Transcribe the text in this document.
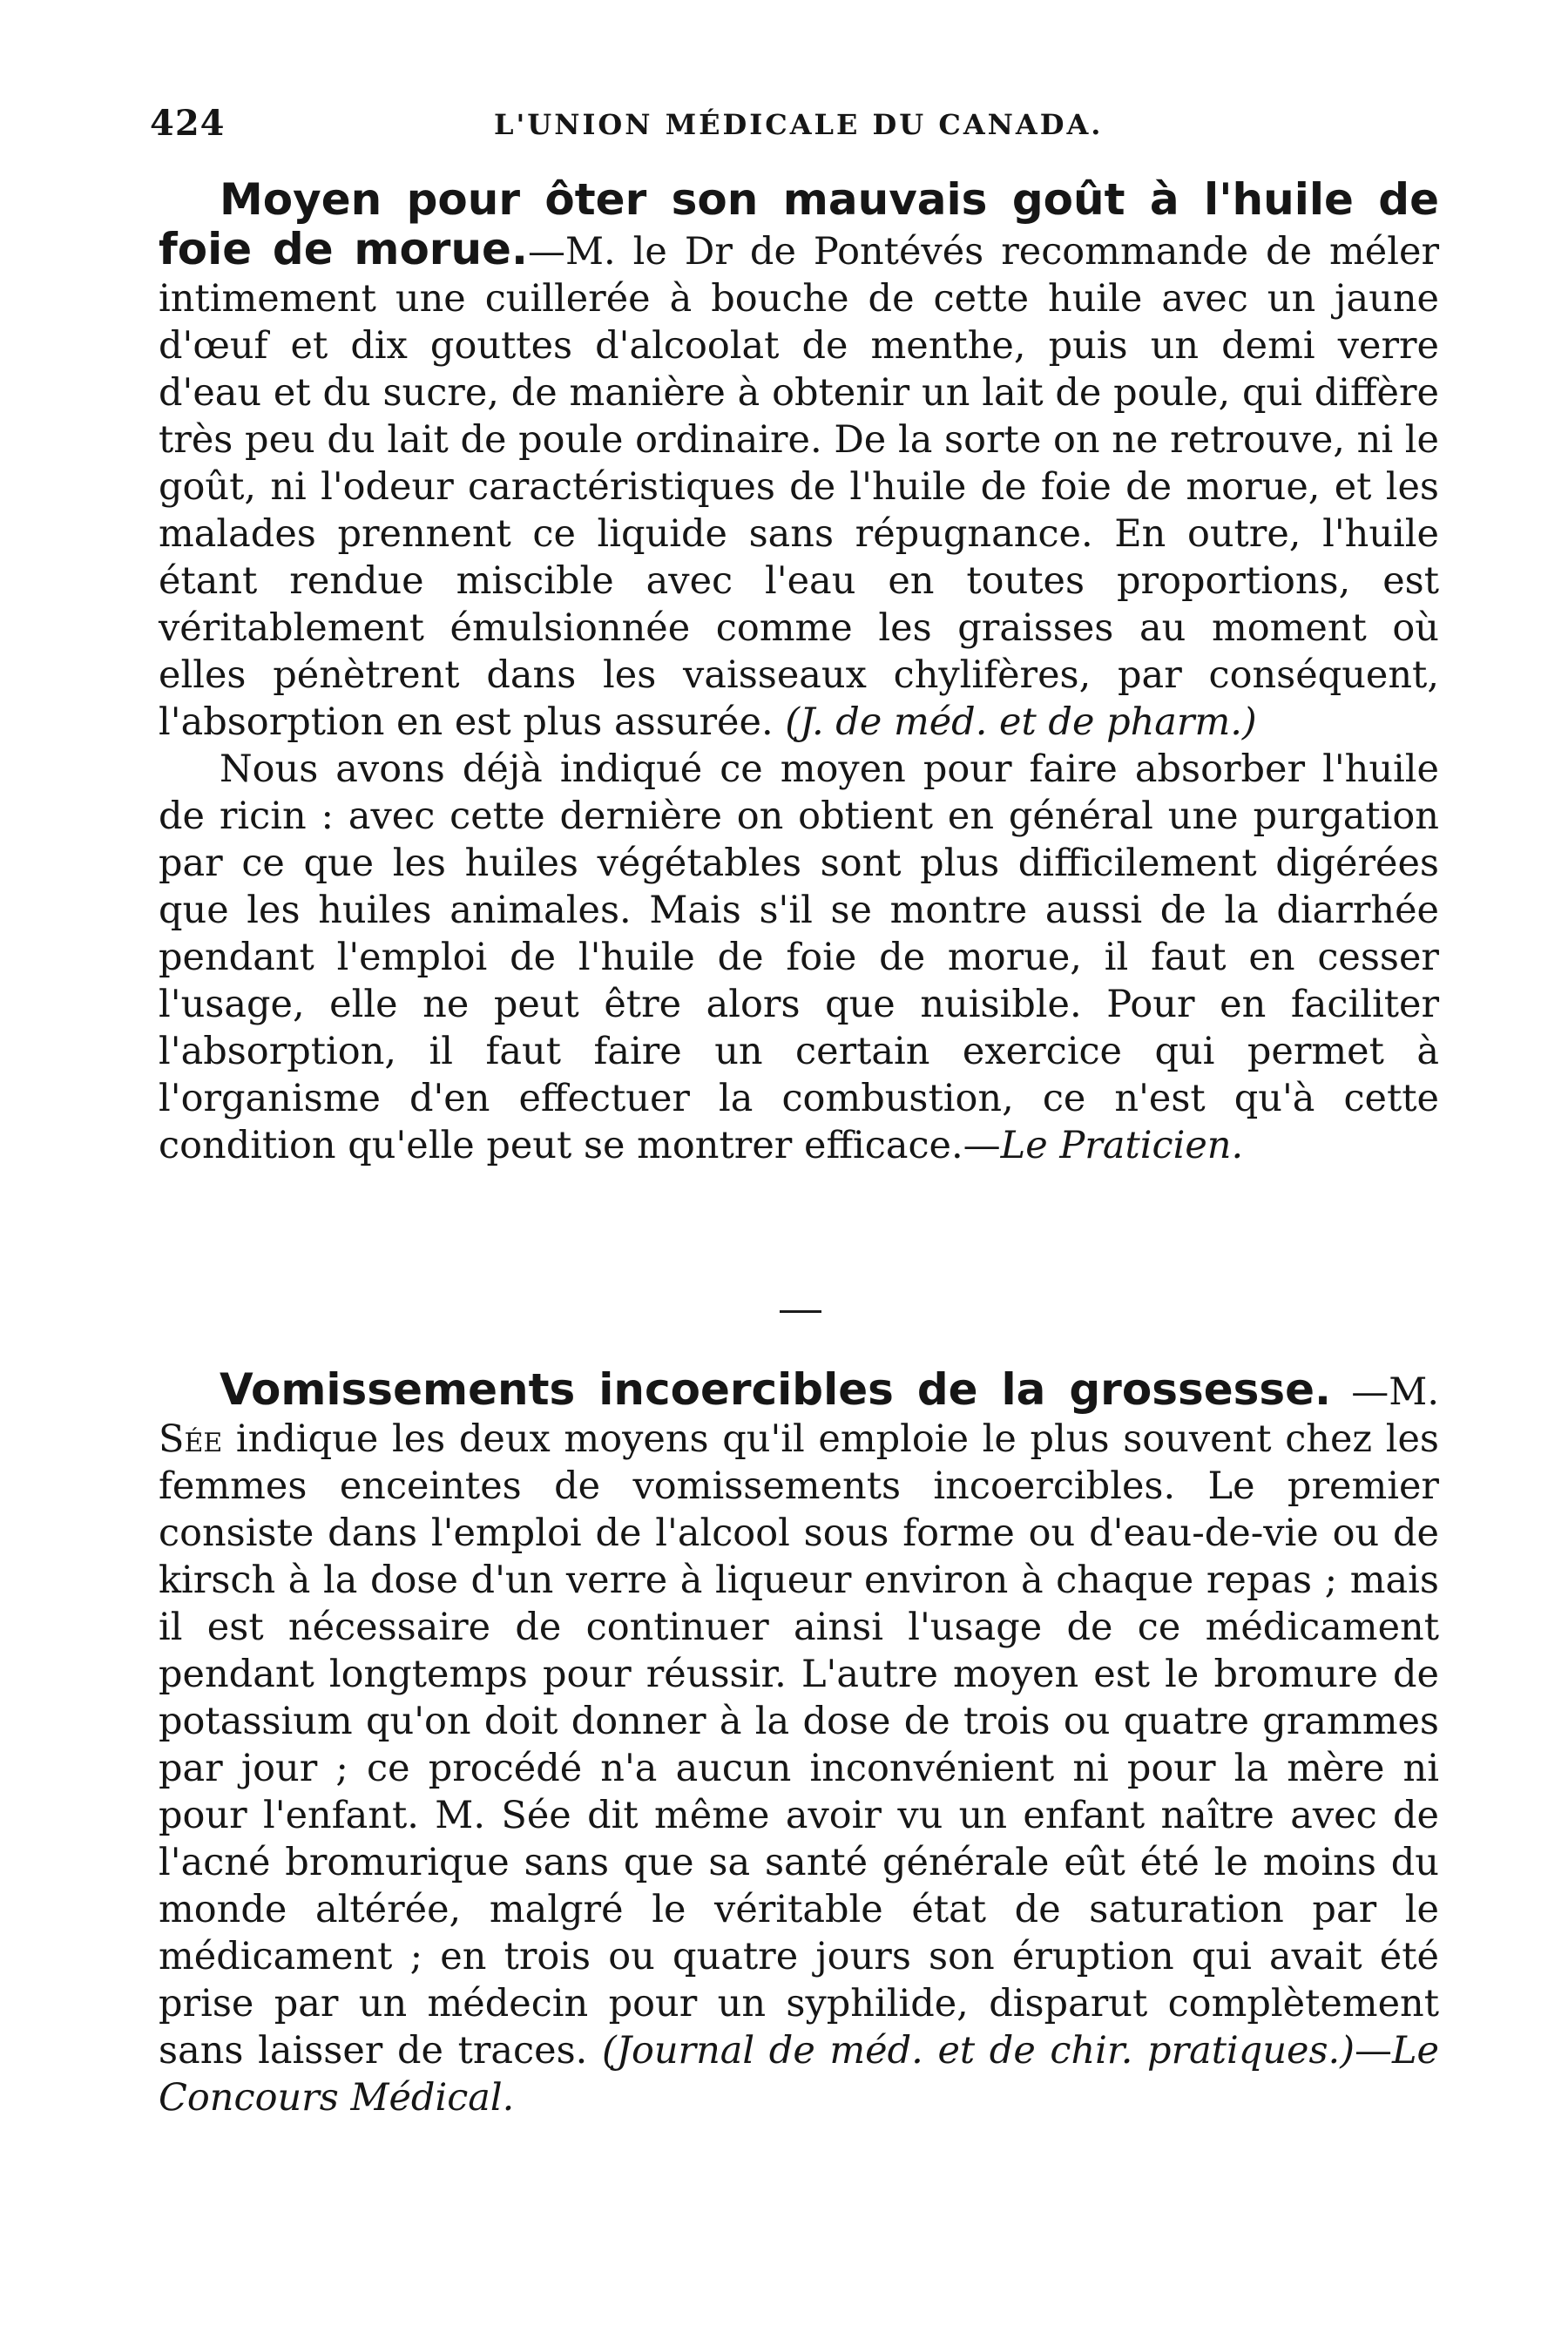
424	L'UNION MÉDICALE DU CANADA.

Moyen pour ôter son mauvais goût à l'huile de foie de morue.—M. le Dr de Pontévés recommande de méler intimement une cuillerée à bouche de cette huile avec un jaune d'œuf et dix gouttes d'alcoolat de menthe, puis un demi verre d'eau et du sucre, de manière à obtenir un lait de poule, qui diffère très peu du lait de poule ordinaire. De la sorte on ne retrouve, ni le goût, ni l'odeur caractéristiques de l'huile de foie de morue, et les malades prennent ce liquide sans répugnance. En outre, l'huile étant rendue miscible avec l'eau en toutes proportions, est véritablement émulsionnée comme les graisses au moment où elles pénètrent dans les vaisseaux chylifères, par conséquent, l'absorption en est plus assurée. (J. de méd. et de pharm.)

Nous avons déjà indiqué ce moyen pour faire absorber l'huile de ricin : avec cette dernière on obtient en général une purgation par ce que les huiles végétables sont plus difficilement digérées que les huiles animales. Mais s'il se montre aussi de la diarrhée pendant l'emploi de l'huile de foie de morue, il faut en cesser l'usage, elle ne peut être alors que nuisible. Pour en faciliter l'absorption, il faut faire un certain exercice qui permet à l'organisme d'en effectuer la combustion, ce n'est qu'à cette condition qu'elle peut se montrer efficace.—Le Praticien.

Vomissements incoercibles de la grossesse. —M. Sée indique les deux moyens qu'il emploie le plus souvent chez les femmes enceintes de vomissements incoercibles. Le premier consiste dans l'emploi de l'alcool sous forme ou d'eau-de-vie ou de kirsch à la dose d'un verre à liqueur environ à chaque repas ; mais il est nécessaire de continuer ainsi l'usage de ce médicament pendant longtemps pour réussir. L'autre moyen est le bromure de potassium qu'on doit donner à la dose de trois ou quatre grammes par jour ; ce procédé n'a aucun inconvénient ni pour la mère ni pour l'enfant. M. Sée dit même avoir vu un enfant naître avec de l'acné bromurique sans que sa santé générale eût été le moins du monde altérée, malgré le véritable état de saturation par le médicament ; en trois ou quatre jours son éruption qui avait été prise par un médecin pour un syphilide, disparut complètement sans laisser de traces. (Journal de méd. et de chir. pratiques.)—Le Concours Médical.
